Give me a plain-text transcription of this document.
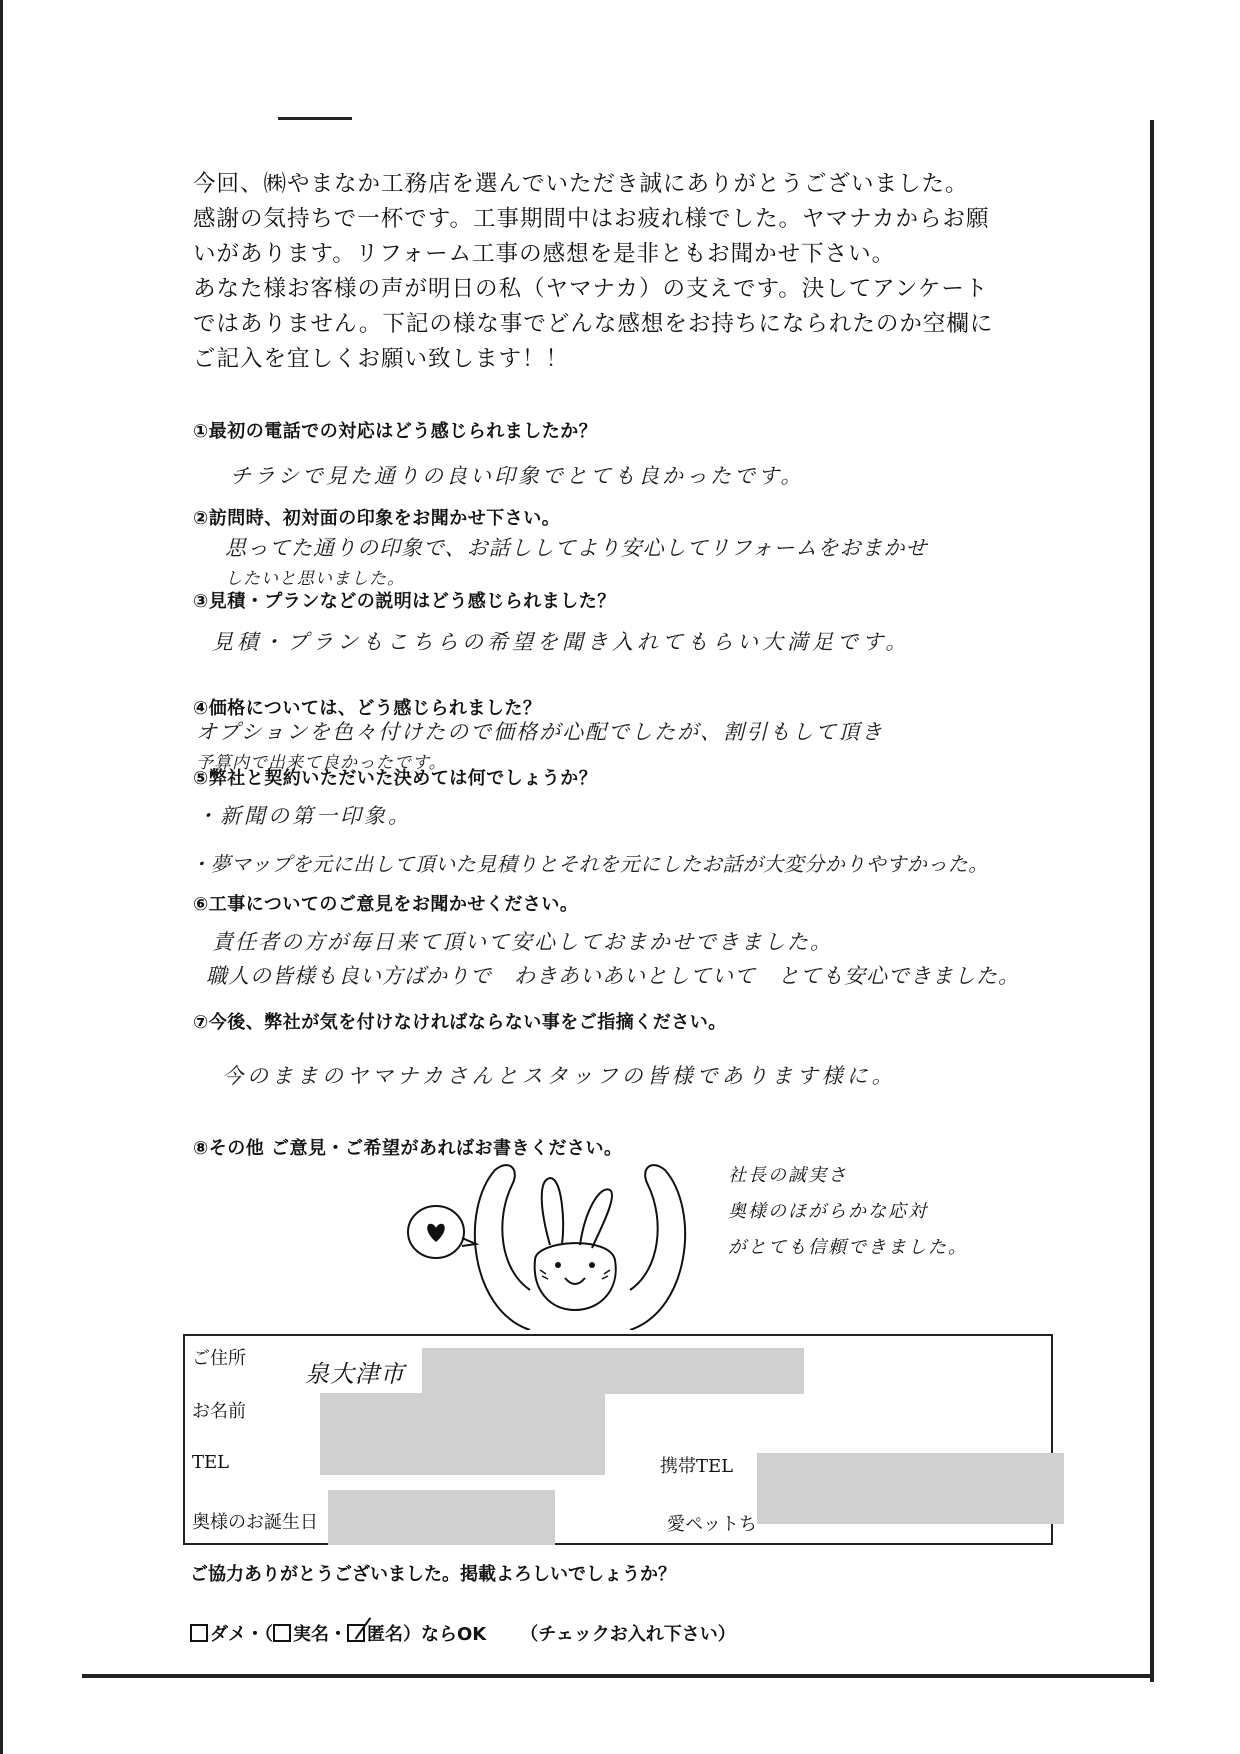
今回、㈱やまなか工務店を選んでいただき誠にありがとうございました。
感謝の気持ちで一杯です。工事期間中はお疲れ様でした。ヤマナカからお願
いがあります。リフォーム工事の感想を是非ともお聞かせ下さい。
あなた様お客様の声が明日の私（ヤマナカ）の支えです。決してアンケート
ではありません。下記の様な事でどんな感想をお持ちになられたのか空欄に
ご記入を宜しくお願い致します！！
①最初の電話での対応はどう感じられましたか？
チラシで見た通りの良い印象でとても良かったです。
②訪問時、初対面の印象をお聞かせ下さい。
思ってた通りの印象で、お話ししてより安心してリフォームをおまかせ
したいと思いました。
③見積・プランなどの説明はどう感じられました？
見積・プランもこちらの希望を聞き入れてもらい大満足です。
④価格については、どう感じられました？
オプションを色々付けたので価格が心配でしたが、割引もして頂き
予算内で出来て良かったです。
⑤弊社と契約いただいた決めては何でしょうか？
・新聞の第一印象。
・夢マップを元に出して頂いた見積りとそれを元にしたお話が大変分かりやすかった。
⑥工事についてのご意見をお聞かせください。
責任者の方が毎日来て頂いて安心しておまかせできました。
職人の皆様も良い方ばかりで　わきあいあいとしていて　とても安心できました。
⑦今後、弊社が気を付けなければならない事をご指摘ください。
今のままのヤマナカさんとスタッフの皆様であります様に。
⑧その他 ご意見・ご希望があればお書きください。
社長の誠実さ
奥様のほがらかな応対
がとても信頼できました。
ご住所
泉大津市
お名前
TEL	携帯TEL
奥様のお誕生日	愛ペットち
ご協力ありがとうございました。掲載よろしいでしょうか？
ダメ・（ 実名・ 匿名 ）ならOK （チェックお入れ下さい）
